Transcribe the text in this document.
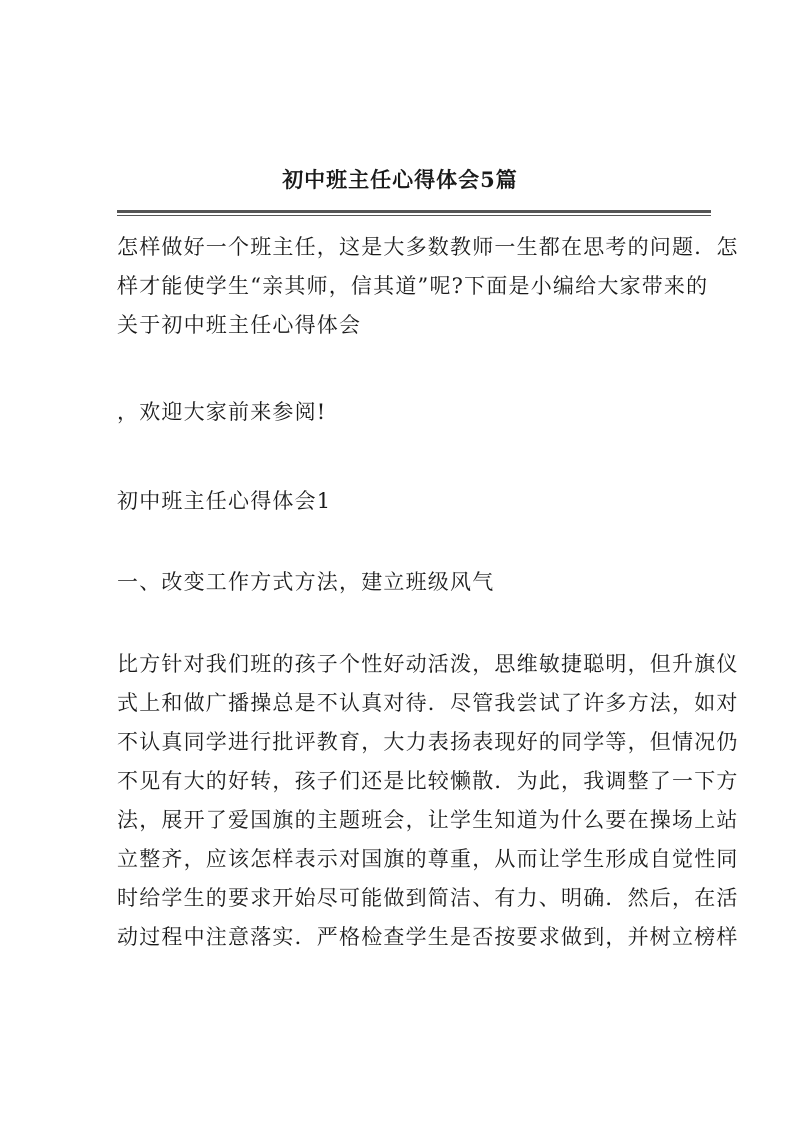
初中班主任心得体会5篇
怎样做好一个班主任，这是大多数教师一生都在思考的问题．怎
样才能使学生“亲其师，信其道”呢?下面是小编给大家带来的
关于初中班主任心得体会
，欢迎大家前来参阅!
初中班主任心得体会1
一、改变工作方式方法，建立班级风气
比方针对我们班的孩子个性好动活泼，思维敏捷聪明，但升旗仪
式上和做广播操总是不认真对待．尽管我尝试了许多方法，如对
不认真同学进行批评教育，大力表扬表现好的同学等，但情况仍
不见有大的好转，孩子们还是比较懒散．为此，我调整了一下方
法，展开了爱国旗的主题班会，让学生知道为什么要在操场上站
立整齐，应该怎样表示对国旗的尊重，从而让学生形成自觉性同
时给学生的要求开始尽可能做到简洁、有力、明确．然后，在活
动过程中注意落实．严格检查学生是否按要求做到，并树立榜样
